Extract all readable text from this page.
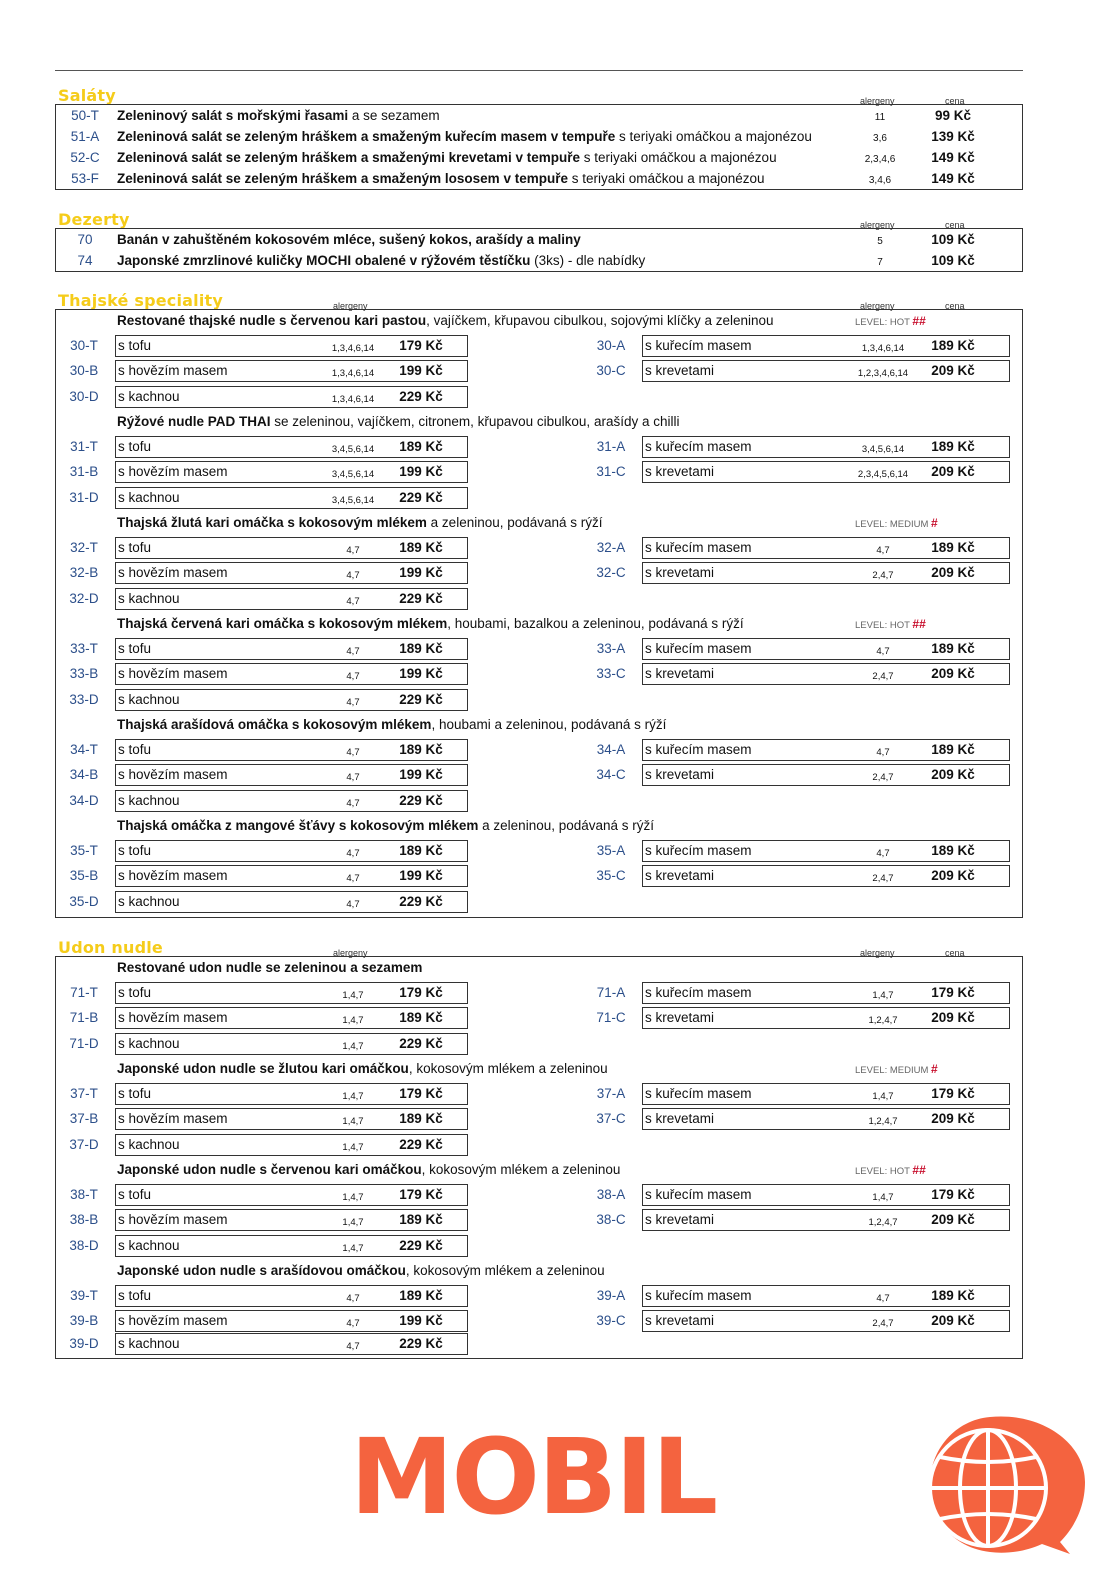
Saláty	alergeny	cena
50-T	Zeleninový salát s mořskými řasami a se sezamem	11	99 Kč
51-A	Zeleninová salát se zeleným hráškem a smaženým kuřecím masem v tempuře s teriyaki omáčkou a majonézou	3,6	139 Kč
52-C	Zeleninová salát se zeleným hráškem a smaženými krevetami v tempuře s teriyaki omáčkou a majonézou	2,3,4,6	149 Kč
53-F	Zeleninová salát se zeleným hráškem a smaženým lososem v tempuře s teriyaki omáčkou a majonézou	3,4,6	149 Kč
Dezerty	alergeny	cena
70	Banán v zahuštěném kokosovém mléce, sušený kokos, arašídy a maliny	5	109 Kč
74	Japonské zmrzlinové kuličky MOCHI obalené v rýžovém těstíčku (3ks) - dle nabídky	7	109 Kč
Thajské speciality	alergeny	alergeny	cena
Restované thajské nudle s červenou kari pastou, vajíčkem, křupavou cibulkou, sojovými klíčky a zeleninou	LEVEL: HOT ##
30-T	s tofu	1,3,4,6,14	179 Kč
30-B	s hovězím masem	1,3,4,6,14	199 Kč
30-D	s kachnou	1,3,4,6,14	229 Kč
30-A	s kuřecím masem	1,3,4,6,14	189 Kč
30-C	s krevetami	1,2,3,4,6,14	209 Kč
Rýžové nudle PAD THAI se zeleninou, vajíčkem, citronem, křupavou cibulkou, arašídy a chilli
31-T	s tofu	3,4,5,6,14	189 Kč
31-B	s hovězím masem	3,4,5,6,14	199 Kč
31-D	s kachnou	3,4,5,6,14	229 Kč
31-A	s kuřecím masem	3,4,5,6,14	189 Kč
31-C	s krevetami	2,3,4,5,6,14	209 Kč
Thajská žlutá kari omáčka s kokosovým mlékem a zeleninou, podávaná s rýží	LEVEL: MEDIUM #
32-T	s tofu	4,7	189 Kč
32-B	s hovězím masem	4,7	199 Kč
32-D	s kachnou	4,7	229 Kč
32-A	s kuřecím masem	4,7	189 Kč
32-C	s krevetami	2,4,7	209 Kč
Thajská červená kari omáčka s kokosovým mlékem, houbami, bazalkou a zeleninou, podávaná s rýží	LEVEL: HOT ##
33-T	s tofu	4,7	189 Kč
33-B	s hovězím masem	4,7	199 Kč
33-D	s kachnou	4,7	229 Kč
33-A	s kuřecím masem	4,7	189 Kč
33-C	s krevetami	2,4,7	209 Kč
Thajská arašídová omáčka s kokosovým mlékem, houbami a zeleninou, podávaná s rýží
34-T	s tofu	4,7	189 Kč
34-B	s hovězím masem	4,7	199 Kč
34-D	s kachnou	4,7	229 Kč
34-A	s kuřecím masem	4,7	189 Kč
34-C	s krevetami	2,4,7	209 Kč
Thajská omáčka z mangové šťávy s kokosovým mlékem a zeleninou, podávaná s rýží
35-T	s tofu	4,7	189 Kč
35-B	s hovězím masem	4,7	199 Kč
35-D	s kachnou	4,7	229 Kč
35-A	s kuřecím masem	4,7	189 Kč
35-C	s krevetami	2,4,7	209 Kč
Udon nudle	alergeny	alergeny	cena
Restované udon nudle se zeleninou a sezamem
71-T	s tofu	1,4,7	179 Kč
71-B	s hovězím masem	1,4,7	189 Kč
71-D	s kachnou	1,4,7	229 Kč
71-A	s kuřecím masem	1,4,7	179 Kč
71-C	s krevetami	1,2,4,7	209 Kč
Japonské udon nudle se žlutou kari omáčkou, kokosovým mlékem a zeleninou	LEVEL: MEDIUM #
37-T	s tofu	1,4,7	179 Kč
37-B	s hovězím masem	1,4,7	189 Kč
37-D	s kachnou	1,4,7	229 Kč
37-A	s kuřecím masem	1,4,7	179 Kč
37-C	s krevetami	1,2,4,7	209 Kč
Japonské udon nudle s červenou kari omáčkou, kokosovým mlékem a zeleninou	LEVEL: HOT ##
38-T	s tofu	1,4,7	179 Kč
38-B	s hovězím masem	1,4,7	189 Kč
38-D	s kachnou	1,4,7	229 Kč
38-A	s kuřecím masem	1,4,7	179 Kč
38-C	s krevetami	1,2,4,7	209 Kč
Japonské udon nudle s arašídovou omáčkou, kokosovým mlékem a zeleninou
39-T	s tofu	4,7	189 Kč
39-B	s hovězím masem	4,7	199 Kč
39-D	s kachnou	4,7	229 Kč
39-A	s kuřecím masem	4,7	189 Kč
39-C	s krevetami	2,4,7	209 Kč
MOBIL
